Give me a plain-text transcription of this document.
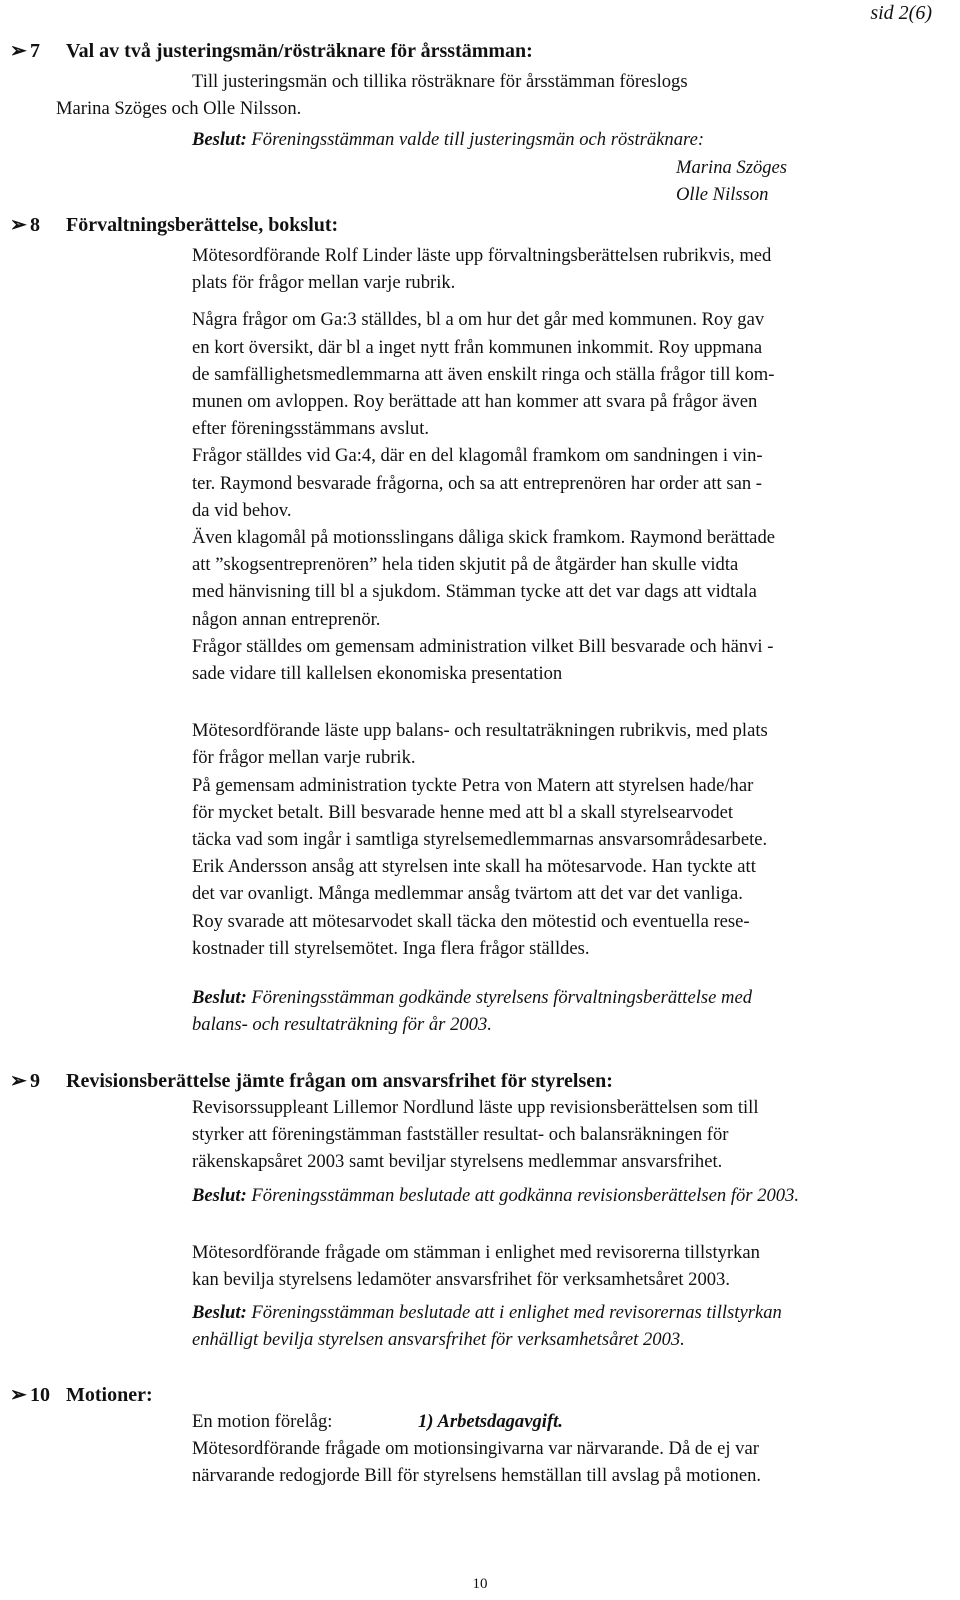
sid 2(6)
➢ 7	Val av två justeringsmän/rösträknare för årsstämman:

Till justeringsmän och tillika rösträknare för årsstämman föreslogs

Marina Szöges och Olle Nilsson.

Beslut: Föreningsstämman valde till justeringsmän och rösträknare:

Marina Szöges

Olle Nilsson

➢ 8	Förvaltningsberättelse, bokslut:

Mötesordförande Rolf Linder läste upp förvaltningsberättelsen rubrikvis, med

plats för frågor mellan varje rubrik.

Några frågor om Ga:3 ställdes, bl a om hur det går med kommunen. Roy gav

en kort översikt, där bl a inget nytt från kommunen inkommit. Roy uppmana

de samfällighetsmedlemmarna att även enskilt ringa och ställa frågor till kom-

munen om avloppen. Roy berättade att han kommer att svara på frågor även

efter föreningsstämmans avslut.

Frågor ställdes vid Ga:4, där en del klagomål framkom om sandningen i vin-

ter. Raymond besvarade frågorna, och sa att entreprenören har order att san -

da vid behov.

Även klagomål på motionsslingans dåliga skick framkom. Raymond berättade

att ”skogsentreprenören” hela tiden skjutit på de åtgärder han skulle vidta

med hänvisning till bl a sjukdom. Stämman tycke att det var dags att vidtala

någon annan entreprenör.

Frågor ställdes om gemensam administration vilket Bill besvarade och hänvi -

sade vidare till kallelsen ekonomiska presentation

Mötesordförande läste upp balans- och resultaträkningen rubrikvis, med plats

för frågor mellan varje rubrik.

På gemensam administration tyckte Petra von Matern att styrelsen hade/har

för mycket betalt. Bill besvarade henne med att bl a skall styrelsearvodet

täcka vad som ingår i samtliga styrelsemedlemmarnas ansvarsområdesarbete.

Erik Andersson ansåg att styrelsen inte skall ha mötesarvode. Han tyckte att

det var ovanligt. Många medlemmar ansåg tvärtom att det var det vanliga.

Roy svarade att mötesarvodet skall täcka den mötestid och eventuella rese-

kostnader till styrelsemötet. Inga flera frågor ställdes.

Beslut: Föreningsstämman godkände styrelsens förvaltningsberättelse med

balans- och resultaträkning för år 2003.

➢ 9	Revisionsberättelse jämte frågan om ansvarsfrihet för styrelsen:

Revisorssuppleant Lillemor Nordlund läste upp revisionsberättelsen som till

styrker att föreningstämman fastställer resultat- och balansräkningen för

räkenskapsåret 2003 samt beviljar styrelsens medlemmar ansvarsfrihet.

Beslut: Föreningsstämman beslutade att godkänna revisionsberättelsen för 2003.

Mötesordförande frågade om stämman i enlighet med revisorerna tillstyrkan

kan bevilja styrelsens ledamöter ansvarsfrihet för verksamhetsåret 2003.

Beslut: Föreningsstämman beslutade att i enlighet med revisorernas tillstyrkan

enhälligt bevilja styrelsen ansvarsfrihet för verksamhetsåret 2003.

➢ 10 Motioner:

En motion förelåg:	1) Arbetsdagavgift.

Mötesordförande frågade om motionsingivarna var närvarande. Då de ej var

närvarande redogjorde Bill för styrelsens hemställan till avslag på motionen.

10
